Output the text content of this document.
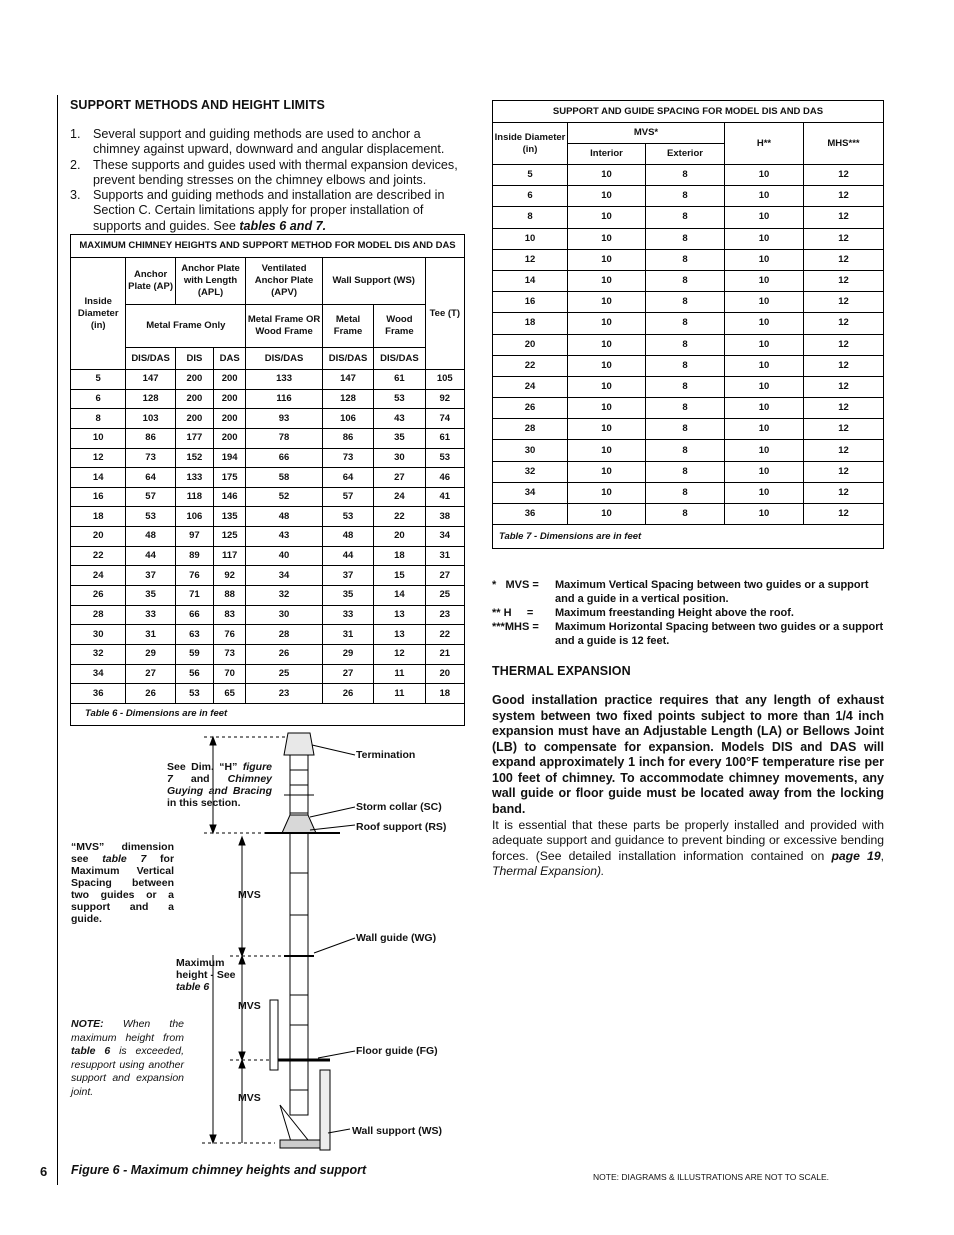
6
SUPPORT METHODS AND HEIGHT LIMITS
1. Several support and guiding methods are used to anchor a chimney against upward, downward and angular displacement.
2. These supports and guides used with thermal expansion devices, prevent bending stresses on the chimney elbows and joints.
3. Supports and guiding methods and installation are described in Section C. Certain limitations apply for proper installation of supports and guides. See tables 6 and 7.
MAXIMUM CHIMNEY HEIGHTS AND SUPPORT METHOD FOR MODEL DIS AND DAS							
Inside Diameter (in)	Anchor Plate (AP)	Anchor Plate with Length (APL)		Ventilated Anchor Plate (APV)	Wall Support (WS)		Tee (T)
	Metal Frame Only			Metal Frame OR Wood Frame	Metal Frame	Wood Frame	
	DIS/DAS	DIS	DAS	DIS/DAS	DIS/DAS	DIS/DAS	
5	147	200	200	133	147	61	105
6	128	200	200	116	128	53	92
8	103	200	200	93	106	43	74
10	86	177	200	78	86	35	61
12	73	152	194	66	73	30	53
14	64	133	175	58	64	27	46
16	57	118	146	52	57	24	41
18	53	106	135	48	53	22	38
20	48	97	125	43	48	20	34
22	44	89	117	40	44	18	31
24	37	76	92	34	37	15	27
26	35	71	88	32	35	14	25
28	33	66	83	30	33	13	23
30	31	63	76	28	31	13	22
32	29	59	73	26	29	12	21
34	27	56	70	25	27	11	20
36	26	53	65	23	26	11	18
Table 6 - Dimensions are in feet							
SUPPORT AND GUIDE SPACING FOR MODEL DIS AND DAS				
Inside Diameter (in)	MVS*		H**	MHS***
	Interior	Exterior		
5	10	8	10	12
6	10	8	10	12
8	10	8	10	12
10	10	8	10	12
12	10	8	10	12
14	10	8	10	12
16	10	8	10	12
18	10	8	10	12
20	10	8	10	12
22	10	8	10	12
24	10	8	10	12
26	10	8	10	12
28	10	8	10	12
30	10	8	10	12
32	10	8	10	12
34	10	8	10	12
36	10	8	10	12
Table 7 - Dimensions are in feet				
*   MVS =	Maximum Vertical Spacing between two guides or a support and a guide in a vertical position.
** H     =	Maximum freestanding Height above the roof.
***MHS =	Maximum Horizontal Spacing between two guides or a support and a guide is 12 feet.
THERMAL EXPANSION
Good installation practice requires that any length of exhaust system between two fixed points subject to more than 1/4 inch expansion must have an Adjustable Length (LA) or Bellows Joint (LB) to compensate for expansion. Models DIS and DAS will expand approximately 1 inch for every 100°F temperature rise per 100 feet of chimney. To accommodate chimney movements, any wall guide or floor guide must be located away from the locking band.
It is essential that these parts be properly installed and provided with adequate support and guidance to prevent binding or excessive bending forces. (See detailed installation information contained on page 19, Thermal Expansion).
See Dim. “H” figure 7 and Chimney Guying and Bracing in this section.
“MVS” dimension see table 7 for Maximum Vertical Spacing between two guides or a support and a guide.
Maximum height - See table 6
NOTE: When the maximum height from table 6 is exceeded, resupport using another support and expansion joint.
MVS
MVS
MVS
Termination
Storm collar (SC)
Roof support (RS)
Wall guide (WG)
Floor guide (FG)
Wall support (WS)
Figure 6 - Maximum chimney heights and support	NOTE: DIAGRAMS & ILLUSTRATIONS ARE NOT TO SCALE.
